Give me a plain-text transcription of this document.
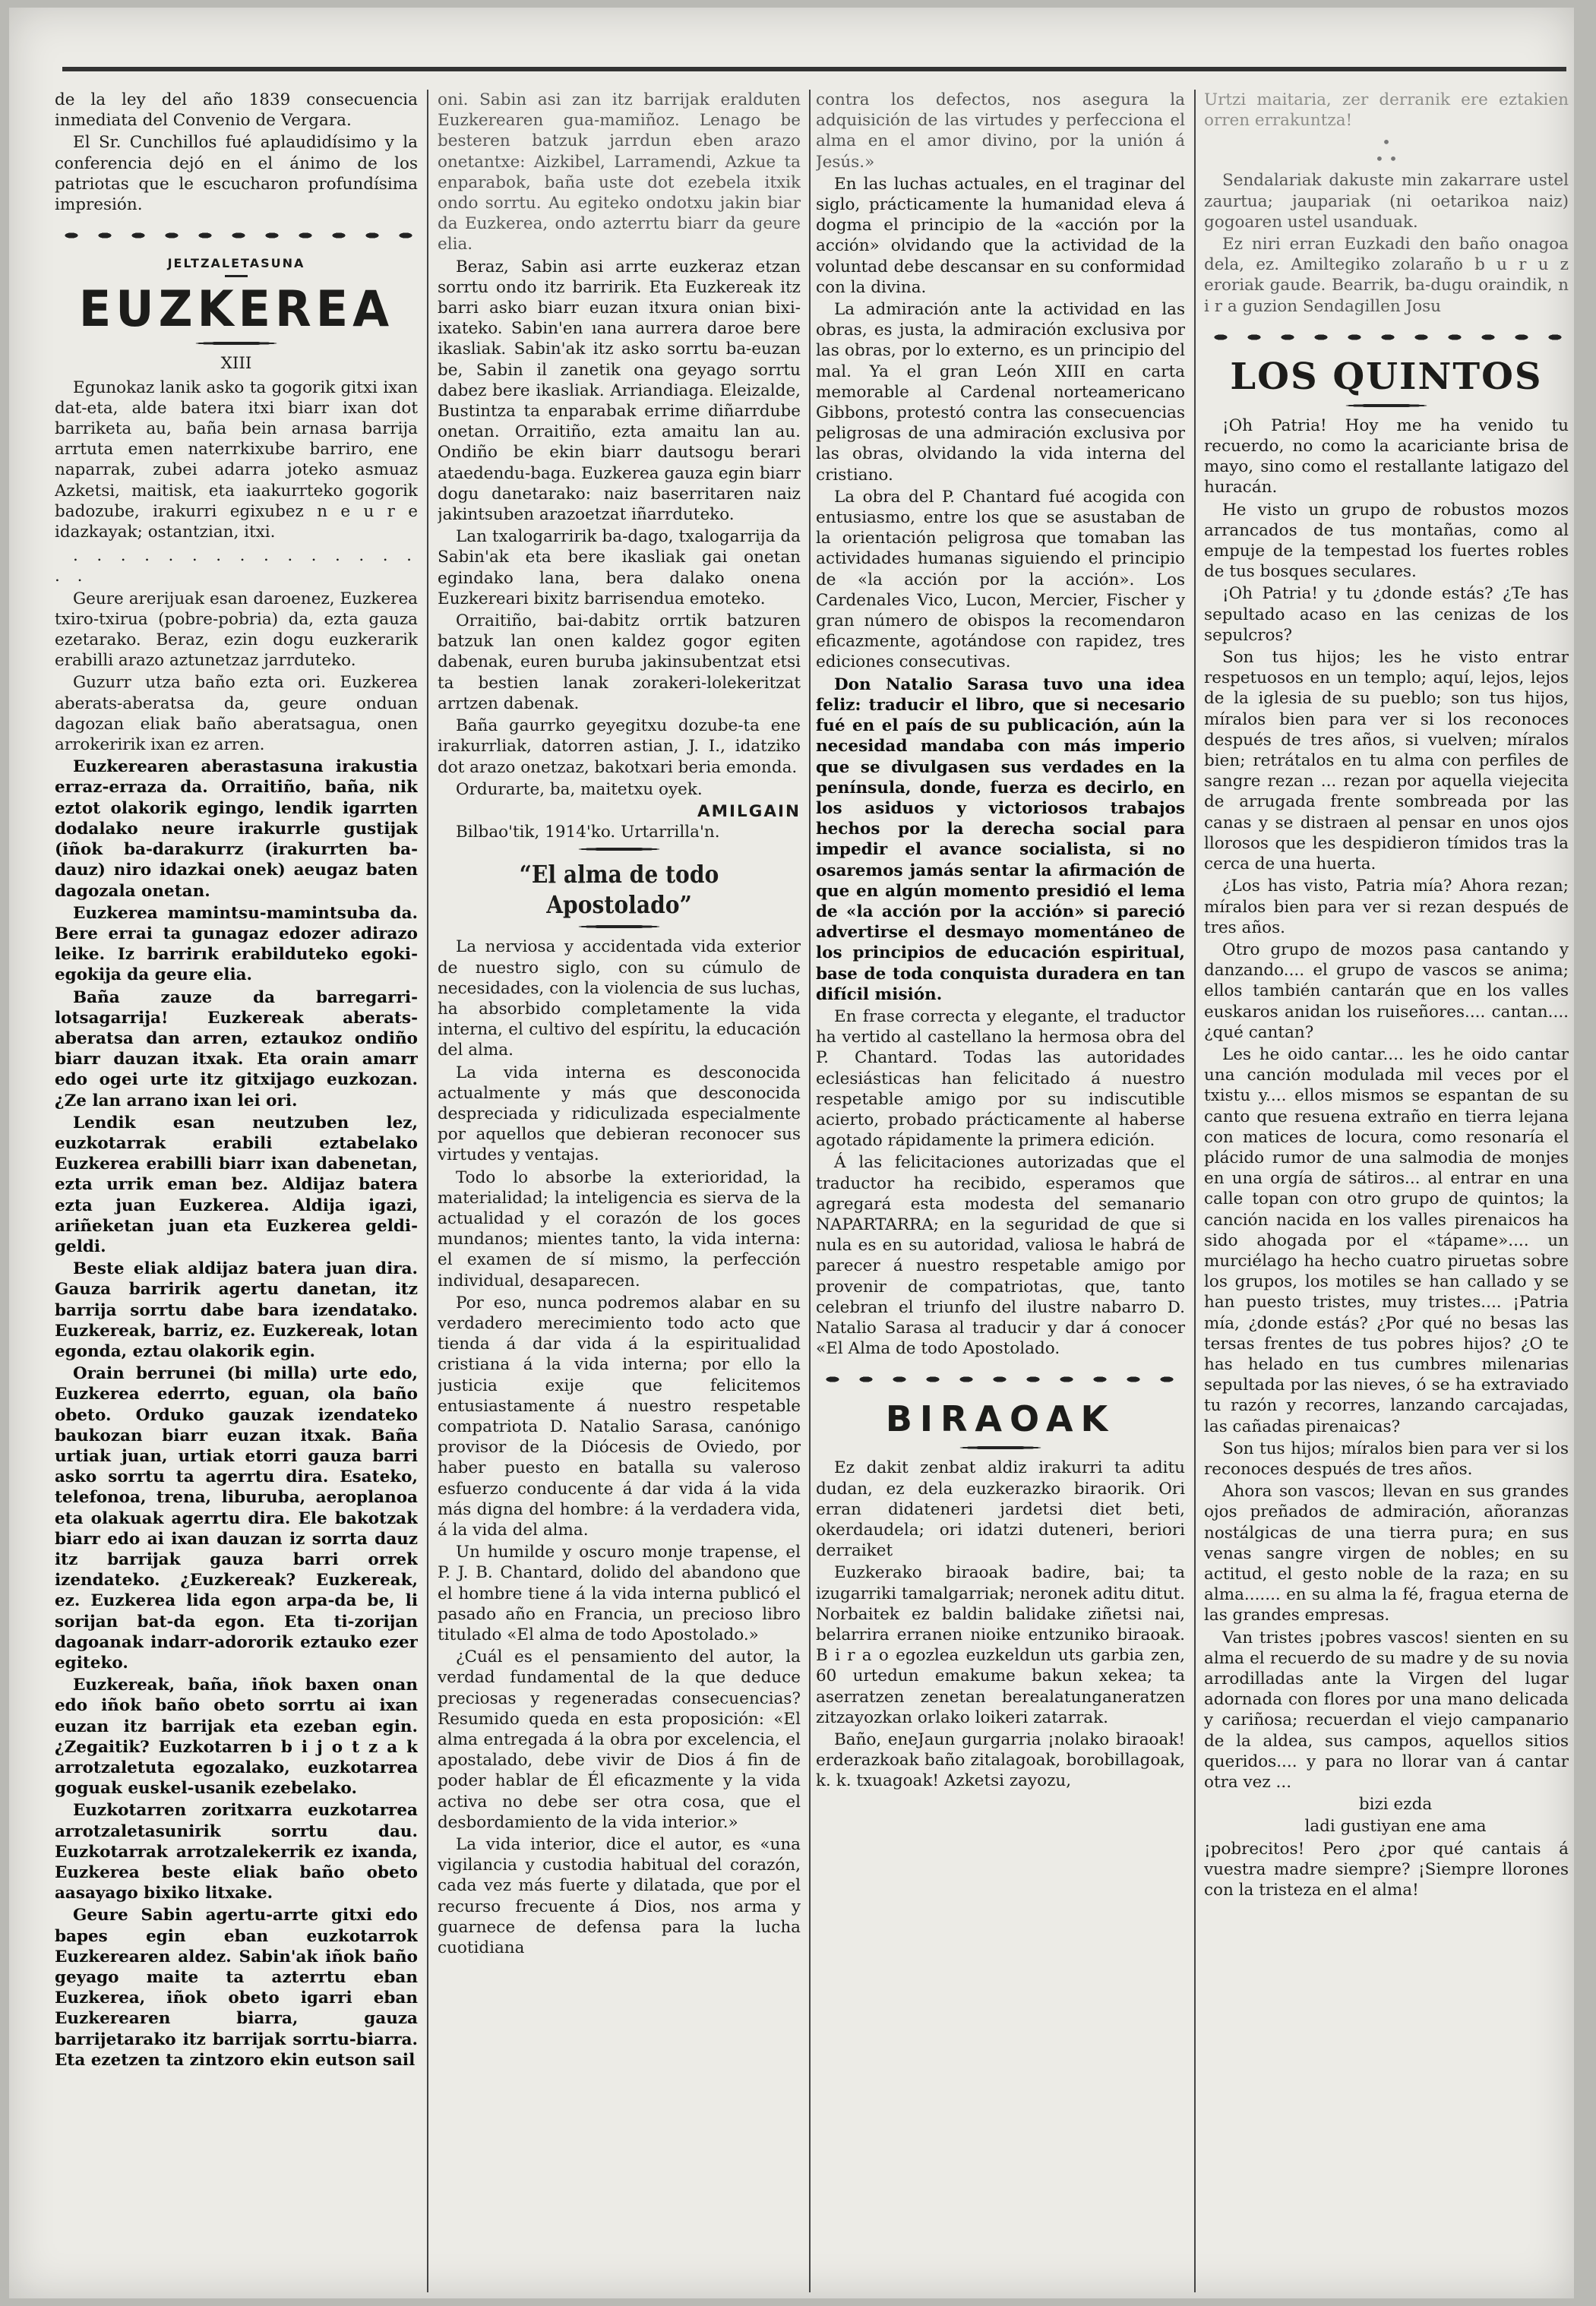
de la ley del año 1839 consecuencia inmediata del Convenio de Vergara.

El Sr. Cunchillos fué aplaudidísimo y la conferencia dejó en el ánimo de los patriotas que le escucharon profundísima impresión.

JELTZALETASUNA
EUZKEREA
XIII

Egunokaz lanik asko ta gogorik gitxi ixan dat-eta, alde batera itxi biarr ixan dot barriketa au, baña bein arnasa barrija arrtuta emen naterrkixube barriro, ene naparrak, zubei adarra joteko asmuaz Azketsi, maitisk, eta iaakurrteko gogorik badozube, irakurri egixubez n e u r e idazkayak; ostantzian, itxi.

. . . . . . . . . . . . . . . . .

Geure arerijuak esan daroenez, Euzkerea txiro-txirua (pobre-pobria) da, ezta gauza ezetarako. Beraz, ezin dogu euzkerarik erabilli arazo aztunetzaz jarrduteko.

Guzurr utza baño ezta ori. Euzkerea aberats-aberatsa da, geure onduan dagozan eliak baño aberatsagua, onen arrokeririk ixan ez arren.

Euzkerearen aberastasuna irakustia erraz-erraza da. Orraitiño, baña, nik eztot olakorik egingo, lendik igarrten dodalako neure irakurrle gustijak (iñok ba-darakurrz (irakurrten ba-dauz) niro idazkai onek) aeugaz baten dagozala onetan.

Euzkerea mamintsu-mamintsuba da. Bere errai ta gunagaz edozer adirazo leike. Iz barrirık erabilduteko egoki-egokija da geure elia.

Baña zauze da barregarri-lotsagarrija! Euzkereak aberats-aberatsa dan arren, eztaukoz ondiño biarr dauzan itxak. Eta orain amarr edo ogei urte itz gitxijago euzkozan. ¿Ze lan arrano ixan lei ori.

Lendik esan neutzuben lez, euzkotarrak erabili eztabelako Euzkerea erabilli biarr ixan dabenetan, ezta urrik eman bez. Aldijaz batera ezta juan Euzkerea. Aldija igazi, ariñeketan juan eta Euzkerea geldi-geldi.

Beste eliak aldijaz batera juan dira. Gauza barririk agertu danetan, itz barrija sorrtu dabe bara izendatako. Euzkereak, barriz, ez. Euzkereak, lotan egonda, eztau olakorik egin.

Orain berrunei (bi milla) urte edo, Euzkerea ederrto, eguan, ola baño obeto. Orduko gauzak izendateko baukozan biarr euzan itxak. Baña urtiak juan, urtiak etorri gauza barri asko sorrtu ta agerrtu dira. Esateko, telefonoa, trena, liburuba, aeroplanoa eta olakuak agerrtu dira. Ele bakotzak biarr edo ai ixan dauzan iz sorrta dauz itz barrijak gauza barri orrek izendateko. ¿Euzkereak? Euzkereak, ez. Euzkerea lida egon arpa-da be, li sorijan bat-da egon. Eta ti-zorijan dagoanak indarr-adororik eztauko ezer egiteko.

Euzkereak, baña, iñok baxen onan edo iñok baño obeto sorrtu ai ixan euzan itz barrijak eta ezeban egin. ¿Zegaitik? Euzkotarren b i j o t z a k arrotzaletuta egozalako, euzkotarrea goguak euskel-usanik ezebelako.

Euzkotarren zoritxarra euzkotarrea arrotzaletasunirik sorrtu dau. Euzkotarrak arrotzalekerrik ez ixanda, Euzkerea beste eliak baño obeto aasayago bixiko litxake.

Geure Sabin agertu-arrte gitxi edo bapes egin eban euzkotarrok Euzkerearen aldez. Sabin'ak iñok baño geyago maite ta azterrtu eban Euzkerea, iñok obeto igarri eban Euzkerearen biarra, gauza barrijetarako itz barrijak sorrtu-biarra. Eta ezetzen ta zintzoro ekin eutson sail

oni. Sabin asi zan itz barrijak eralduten Euzkerearen gua-mamiñoz. Lenago be besteren batzuk jarrdun eben arazo onetantxe: Aizkibel, Larramendi, Azkue ta enparabok, baña uste dot ezebela itxik ondo sorrtu. Au egiteko ondotxu jakin biar da Euzkerea, ondo azterrtu biarr da geure elia.

Beraz, Sabin asi arrte euzkeraz etzan sorrtu ondo itz barririk. Eta Euzkereak itz barri asko biarr euzan itxura onian bixi-ixateko. Sabin'en ıana aurrera daroe bere ikasliak. Sabin'ak itz asko sorrtu ba-euzan be, Sabin il zanetik ona geyago sorrtu dabez bere ikasliak. Arriandiaga. Eleizalde, Bustintza ta enparabak errime diñarrdube onetan. Orraitiño, ezta amaitu lan au. Ondiño be ekin biarr dautsogu berari ataedendu-baga. Euzkerea gauza egin biarr dogu danetarako: naiz baserritaren naiz jakintsuben arazoetzat iñarrduteko.

Lan txalogarririk ba-dago, txalogarrija da Sabin'ak eta bere ikasliak gai onetan egindako lana, bera dalako onena Euzkereari bixitz barrisendua emoteko.

Orraitiño, bai-dabitz orrtik batzuren batzuk lan onen kaldez gogor egiten dabenak, euren buruba jakinsubentzat etsi ta bestien lanak zorakeri-lolekeritzat arrtzen dabenak.

Baña gaurrko geyegitxu dozube-ta ene irakurrliak, datorren astian, J. I., idatziko dot arazo onetzaz, bakotxari beria emonda.

Ordurarte, ba, maitetxu oyek.

AMILGAIN

Bilbao'tik, 1914'ko. Urtarrilla'n.

“El alma de todo Apostolado”

La nerviosa y accidentada vida exterior de nuestro siglo, con su cúmulo de necesidades, con la violencia de sus luchas, ha absorbido completamente la vida interna, el cultivo del espíritu, la educación del alma.

La vida interna es desconocida actualmente y más que desconocida despreciada y ridiculizada especialmente por aquellos que debieran reconocer sus virtudes y ventajas.

Todo lo absorbe la exterioridad, la materialidad; la inteligencia es sierva de la actualidad y el corazón de los goces mundanos; mientes tanto, la vida interna: el examen de sí mismo, la perfección individual, desaparecen.

Por eso, nunca podremos alabar en su verdadero merecimiento todo acto que tienda á dar vida á la espiritualidad cristiana á la vida interna; por ello la justicia exije que felicitemos entusiastamente á nuestro respetable compatriota D. Natalio Sarasa, canónigo provisor de la Diócesis de Oviedo, por haber puesto en batalla su valeroso esfuerzo conducente á dar vida á la vida más digna del hombre: á la verdadera vida, á la vida del alma.

Un humilde y oscuro monje trapense, el P. J. B. Chantard, dolido del abandono que el hombre tiene á la vida interna publicó el pasado año en Francia, un precioso libro titulado «El alma de todo Apostolado.»

¿Cuál es el pensamiento del autor, la verdad fundamental de la que deduce preciosas y regeneradas consecuencias? Resumido queda en esta proposición: «El alma entregada á la obra por excelencia, el apostalado, debe vivir de Dios á fin de poder hablar de Él eficazmente y la vida activa no debe ser otra cosa, que el desbordamiento de la vida interior.»

La vida interior, dice el autor, es «una vigilancia y custodia habitual del corazón, cada vez más fuerte y dilatada, que por el recurso frecuente á Dios, nos arma y guarnece de defensa para la lucha cuotidiana

contra los defectos, nos asegura la adquisición de las virtudes y perfecciona el alma en el amor divino, por la unión á Jesús.»

En las luchas actuales, en el traginar del siglo, prácticamente la humanidad eleva á dogma el principio de la «acción por la acción» olvidando que la actividad de la voluntad debe descansar en su conformidad con la divina.

La admiración ante la actividad en las obras, es justa, la admiración exclusiva por las obras, por lo externo, es un principio del mal. Ya el gran León XIII en carta memorable al Cardenal norteamericano Gibbons, protestó contra las consecuencias peligrosas de una admiración exclusiva por las obras, olvidando la vida interna del cristiano.

La obra del P. Chantard fué acogida con entusiasmo, entre los que se asustaban de la orientación peligrosa que tomaban las actividades humanas siguiendo el principio de «la acción por la acción». Los Cardenales Vico, Lucon, Mercier, Fischer y gran número de obispos la recomendaron eficazmente, agotándose con rapidez, tres ediciones consecutivas.

Don Natalio Sarasa tuvo una idea feliz: traducir el libro, que si necesario fué en el país de su publicación, aún la necesidad mandaba con más imperio que se divulgasen sus verdades en la península, donde, fuerza es decirlo, en los asiduos y victoriosos trabajos hechos por la derecha social para impedir el avance socialista, si no osaremos jamás sentar la afirmación de que en algún momento presidió el lema de «la acción por la acción» si pareció advertirse el desmayo momentáneo de los principios de educación espiritual, base de toda conquista duradera en tan difícil misión.

En frase correcta y elegante, el traductor ha vertido al castellano la hermosa obra del P. Chantard. Todas las autoridades eclesiásticas han felicitado á nuestro respetable amigo por su indiscutible acierto, probado prácticamente al haberse agotado rápidamente la primera edición.

Á las felicitaciones autorizadas que el traductor ha recibido, esperamos que agregará esta modesta del semanario NAPARTARRA; en la seguridad de que si nula es en su autoridad, valiosa le habrá de parecer á nuestro respetable amigo por provenir de compatriotas, que, tanto celebran el triunfo del ilustre nabarro D. Natalio Sarasa al traducir y dar á conocer «El Alma de todo Apostolado.

BIRAOAK

Ez dakit zenbat aldiz irakurri ta aditu dudan, ez dela euzkerazko biraorik. Ori erran didateneri jardetsi diet beti, okerdaudela; ori idatzi duteneri, beriori derraiket

Euzkerako biraoak badire, bai; ta izugarriki tamalgarriak; neronek aditu ditut. Norbaitek ez baldin balidake ziñetsi nai, belarrira erranen nioike entzuniko biraoak. B i r a o egozlea euzkeldun uts garbia zen, 60 urtedun emakume bakun xekea; ta aserratzen zenetan berealatunganeratzen zitzayozkan orlako loikeri zatarrak.

Baño, eneJaun gurgarria ¡nolako biraoak! erderazkoak baño zitalagoak, borobillagoak, k. k. txuagoak! Azketsi zayozu,

Urtzi maitaria, zer derranik ere eztakien orren errakuntza!

•
• •

Sendalariak dakuste min zakarrare ustel zaurtua; jaupariak (ni oetarikoa naiz) gogoaren ustel usanduak.

Ez niri erran Euzkadi den baño onagoa dela, ez. Amiltegiko zolaraño b u r u z eroriak gaude. Bearrik, ba-dugu oraindik, n i r a guzion Sendagillen Josu

LOS QUINTOS

¡Oh Patria! Hoy me ha venido tu recuerdo, no como la acariciante brisa de mayo, sino como el restallante latigazo del huracán.

He visto un grupo de robustos mozos arrancados de tus montañas, como al empuje de la tempestad los fuertes robles de tus bosques seculares.

¡Oh Patria! y tu ¿donde estás? ¿Te has sepultado acaso en las cenizas de los sepulcros?

Son tus hijos; les he visto entrar respetuosos en un templo; aquí, lejos, lejos de la iglesia de su pueblo; son tus hijos, míralos bien para ver si los reconoces después de tres años, si vuelven; míralos bien; retrátalos en tu alma con perfiles de sangre rezan ... rezan por aquella viejecita de arrugada frente sombreada por las canas y se distraen al pensar en unos ojos llorosos que les despidieron tímidos tras la cerca de una huerta.

¿Los has visto, Patria mía? Ahora rezan; míralos bien para ver si rezan después de tres años.

Otro grupo de mozos pasa cantando y danzando.... el grupo de vascos se anima; ellos también cantarán que en los valles euskaros anidan los ruiseñores.... cantan.... ¿qué cantan?

Les he oido cantar.... les he oido cantar una canción modulada mil veces por el txistu y.... ellos mismos se espantan de su canto que resuena extraño en tierra lejana con matices de locura, como resonaría el plácido rumor de una salmodia de monjes en una orgía de sátiros... al entrar en una calle topan con otro grupo de quintos; la canción nacida en los valles pirenaicos ha sido ahogada por el «tápame».... un murciélago ha hecho cuatro piruetas sobre los grupos, los motiles se han callado y se han puesto tristes, muy tristes.... ¡Patria mía, ¿donde estás? ¿Por qué no besas las tersas frentes de tus pobres hijos? ¿O te has helado en tus cumbres milenarias sepultada por las nieves, ó se ha extraviado tu razón y recorres, lanzando carcajadas, las cañadas pirenaicas?

Son tus hijos; míralos bien para ver si los reconoces después de tres años.

Ahora son vascos; llevan en sus grandes ojos preñados de admiración, añoranzas nostálgicas de una tierra pura; en sus venas sangre virgen de nobles; en su actitud, el gesto noble de la raza; en su alma....... en su alma la fé, fragua eterna de las grandes empresas.

Van tristes ¡pobres vascos! sienten en su alma el recuerdo de su madre y de su novia arrodilladas ante la Virgen del lugar adornada con flores por una mano delicada y cariñosa; recuerdan el viejo campanario de la aldea, sus campos, aquellos sitios queridos.... y para no llorar van á cantar otra vez ...

bizi ezda

ladi gustiyan ene ama

¡pobrecitos! Pero ¿por qué cantais á vuestra madre siempre? ¡Siempre llorones con la tristeza en el alma!
